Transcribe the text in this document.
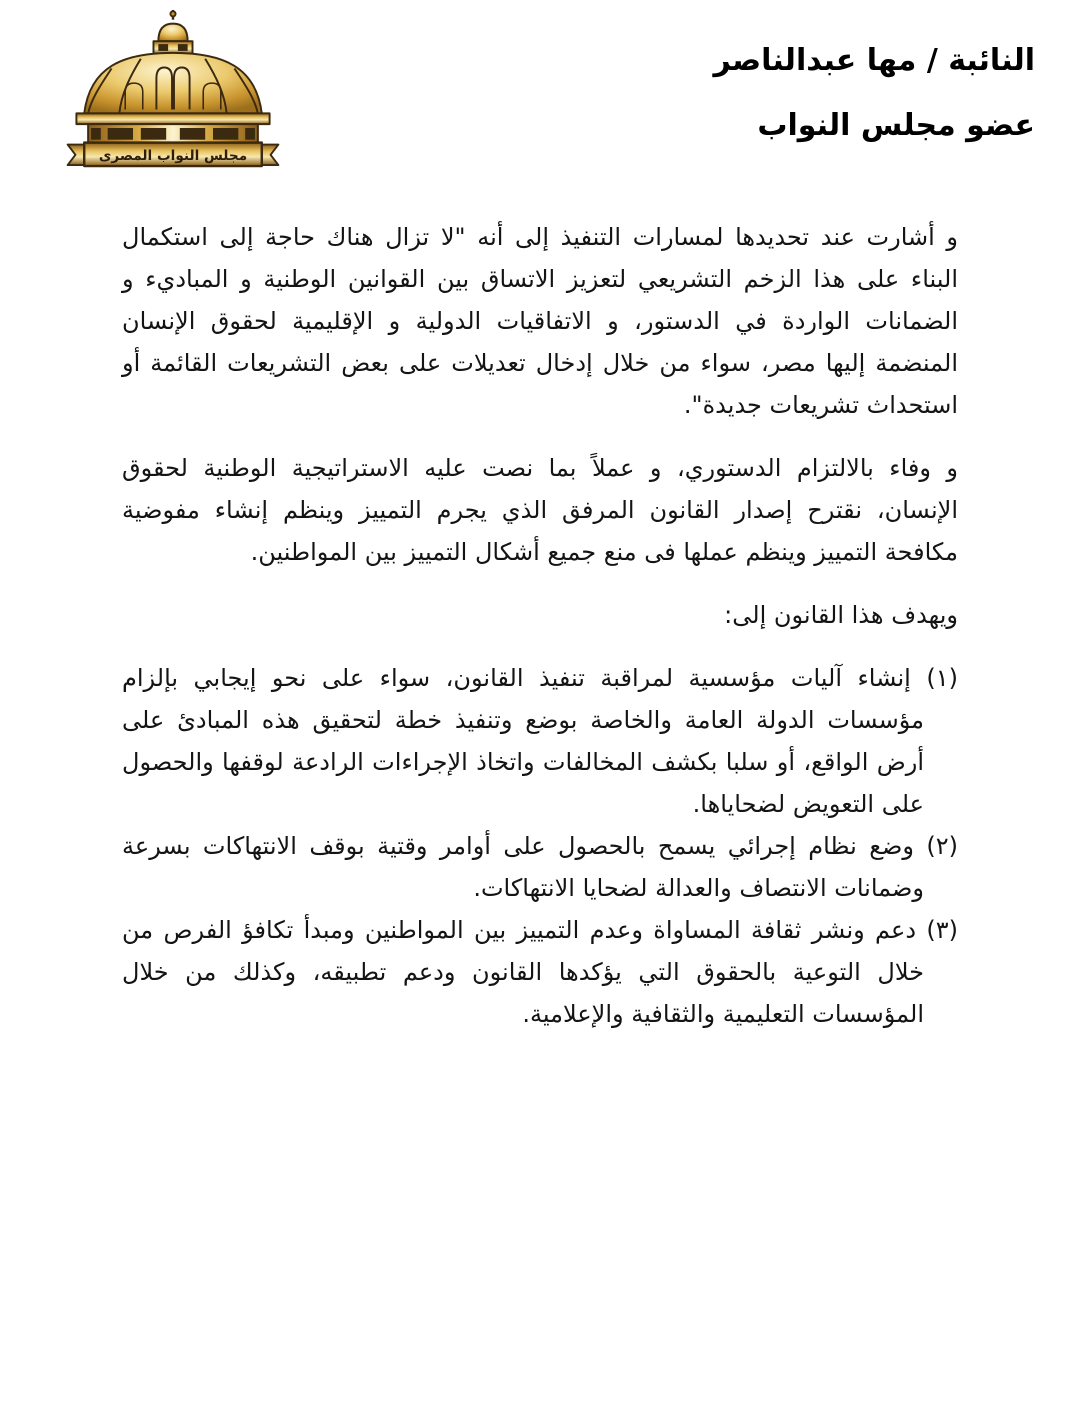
مجلس النواب المصرى
النائبة / مها عبدالناصر
عضو مجلس النواب

و أشارت عند تحديدها لمسارات التنفيذ إلى أنه "لا تزال هناك حاجة إلى استكمال البناء على هذا الزخم التشريعي لتعزيز الاتساق بين القوانين الوطنية و المباديء و الضمانات الواردة في الدستور، و الاتفاقيات الدولية و الإقليمية لحقوق الإنسان المنضمة إليها مصر، سواء من خلال إدخال تعديلات على بعض التشريعات القائمة أو استحداث تشريعات جديدة".

و وفاء بالالتزام الدستوري، و عملاً بما نصت عليه الاستراتيجية الوطنية لحقوق الإنسان، نقترح إصدار القانون المرفق الذي يجرم التمييز وينظم إنشاء مفوضية مكافحة التمييز وينظم عملها فى منع جميع أشكال التمييز بين المواطنين.

ويهدف هذا القانون إلى:

(١) إنشاء آليات مؤسسية لمراقبة تنفيذ القانون، سواء على نحو إيجابي بإلزام مؤسسات الدولة العامة والخاصة بوضع وتنفيذ خطة لتحقيق هذه المبادئ على أرض الواقع، أو سلبا بكشف المخالفات واتخاذ الإجراءات الرادعة لوقفها والحصول على التعويض لضحاياها.
(٢) وضع نظام إجرائي يسمح بالحصول على أوامر وقتية بوقف الانتهاكات بسرعة وضمانات الانتصاف والعدالة لضحايا الانتهاكات.
(٣) دعم ونشر ثقافة المساواة وعدم التمييز بين المواطنين ومبدأ تكافؤ الفرص من خلال التوعية بالحقوق التي يؤكدها القانون ودعم تطبيقه، وكذلك من خلال المؤسسات التعليمية والثقافية والإعلامية.
